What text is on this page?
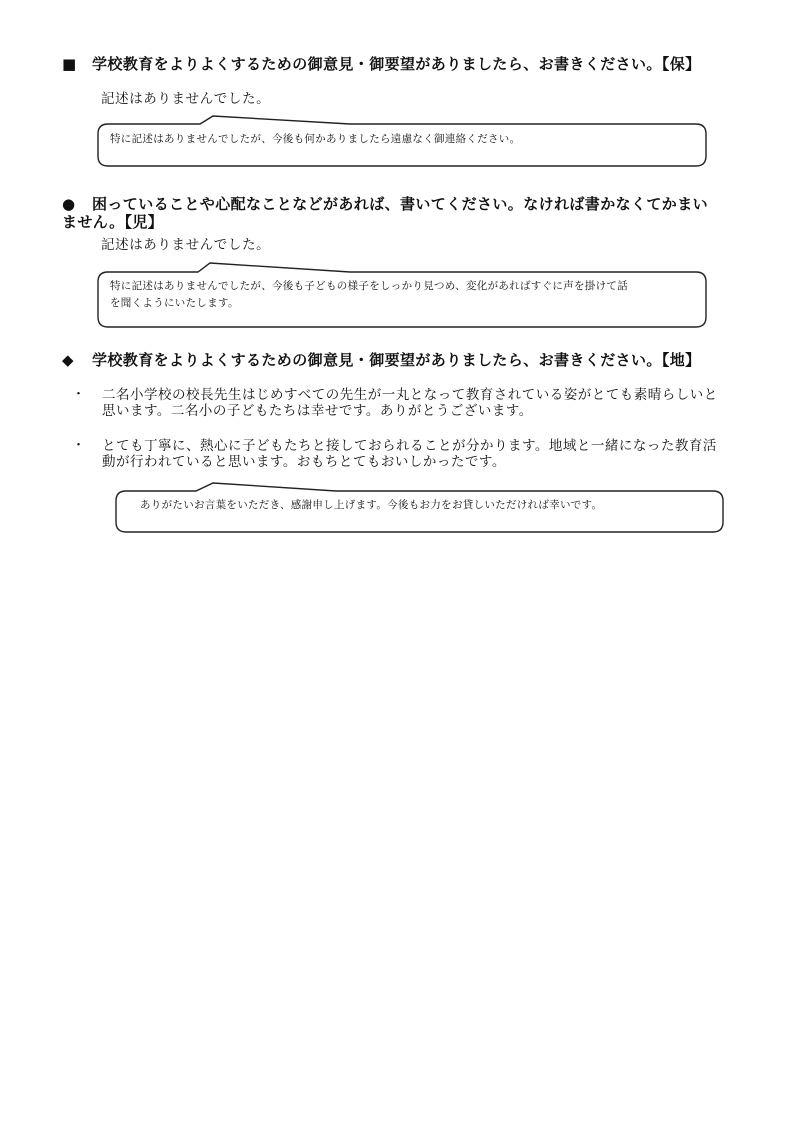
■ 学校教育をよりよくするための御意見・御要望がありましたら、お書きください。【保】
記述はありませんでした。
特に記述はありませんでしたが、今後も何かありましたら遠慮なく御連絡ください。
● 困っていることや心配なことなどがあれば、書いてください。なければ書かなくてかまい
ません。【児】
記述はありませんでした。
特に記述はありませんでしたが、今後も子どもの様子をしっかり見つめ、変化があればすぐに声を掛けて話
を聞くようにいたします。
◆ 学校教育をよりよくするための御意見・御要望がありましたら、お書きください。【地】
・ 二名小学校の校長先生はじめすべての先生が一丸となって教育されている姿がとても素晴らしいと
思います。二名小の子どもたちは幸せです。ありがとうございます。
・ とても丁寧に、熱心に子どもたちと接しておられることが分かります。地域と一緒になった教育活
動が行われていると思います。おもちとてもおいしかったです。
ありがたいお言葉をいただき、感謝申し上げます。今後もお力をお貸しいただければ幸いです。
